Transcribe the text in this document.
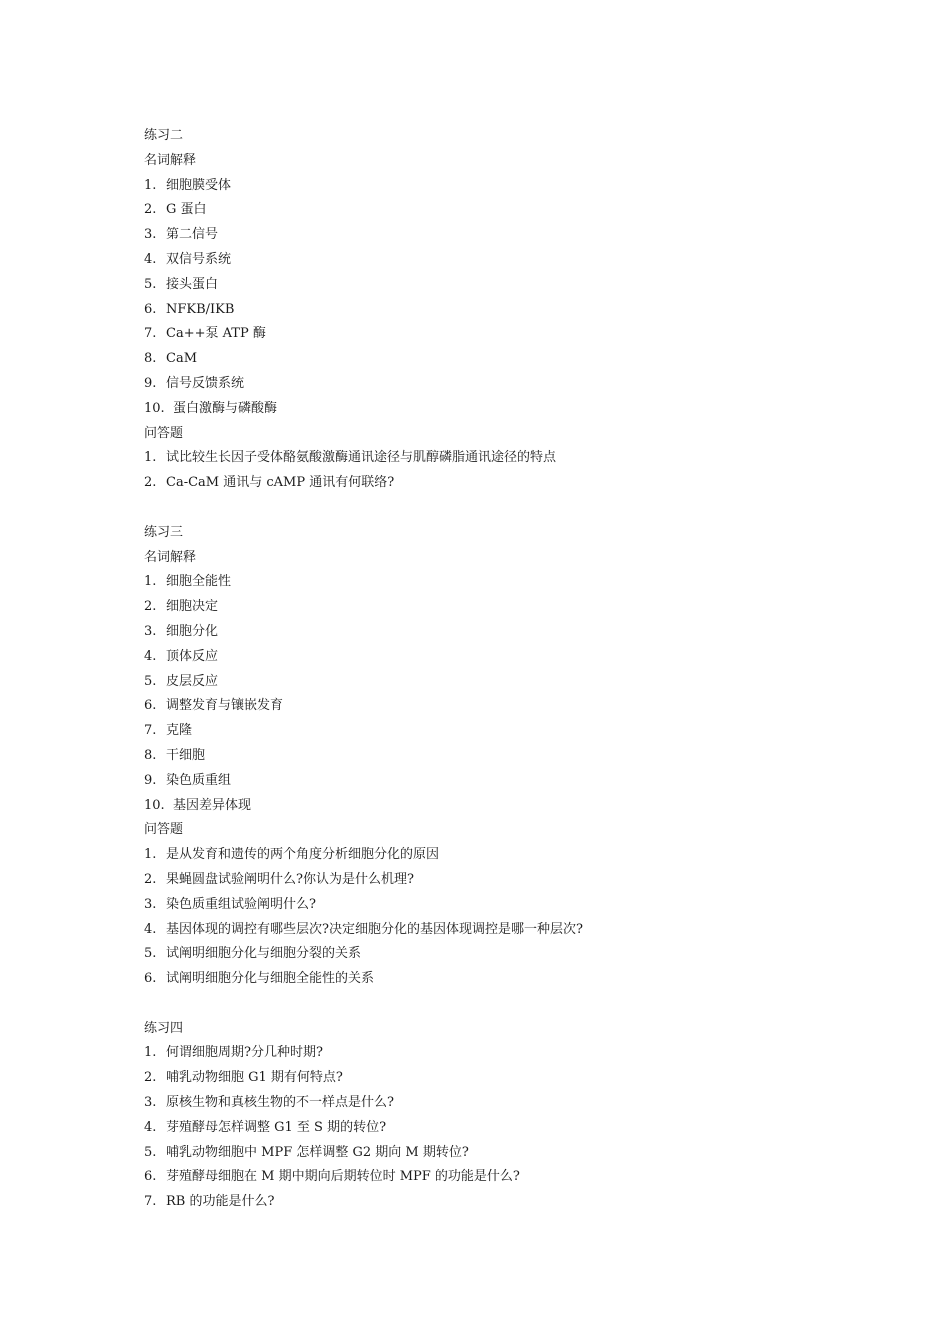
练习二
名词解释
1. 细胞膜受体
2. G 蛋白
3. 第二信号
4. 双信号系统
5. 接头蛋白
6. NFKB/IKB
7. Ca++泵 ATP 酶
8. CaM
9. 信号反馈系统
10. 蛋白激酶与磷酸酶
问答题
1. 试比较生长因子受体酪氨酸激酶通讯途径与肌醇磷脂通讯途径的特点
2. Ca-CaM 通讯与 cAMP 通讯有何联络?
练习三
名词解释
1. 细胞全能性
2. 细胞决定
3. 细胞分化
4. 顶体反应
5. 皮层反应
6. 调整发育与镶嵌发育
7. 克隆
8. 干细胞
9. 染色质重组
10. 基因差异体现
问答题
1. 是从发育和遗传的两个角度分析细胞分化的原因
2. 果蝇圆盘试验阐明什么?你认为是什么机理?
3. 染色质重组试验阐明什么?
4. 基因体现的调控有哪些层次?决定细胞分化的基因体现调控是哪一种层次?
5. 试阐明细胞分化与细胞分裂的关系
6. 试阐明细胞分化与细胞全能性的关系
练习四
1. 何谓细胞周期?分几种时期?
2. 哺乳动物细胞 G1 期有何特点?
3. 原核生物和真核生物的不一样点是什么?
4. 芽殖酵母怎样调整 G1 至 S 期的转位?
5. 哺乳动物细胞中 MPF 怎样调整 G2 期向 M 期转位?
6. 芽殖酵母细胞在 M 期中期向后期转位时 MPF 的功能是什么?
7. RB 的功能是什么?
